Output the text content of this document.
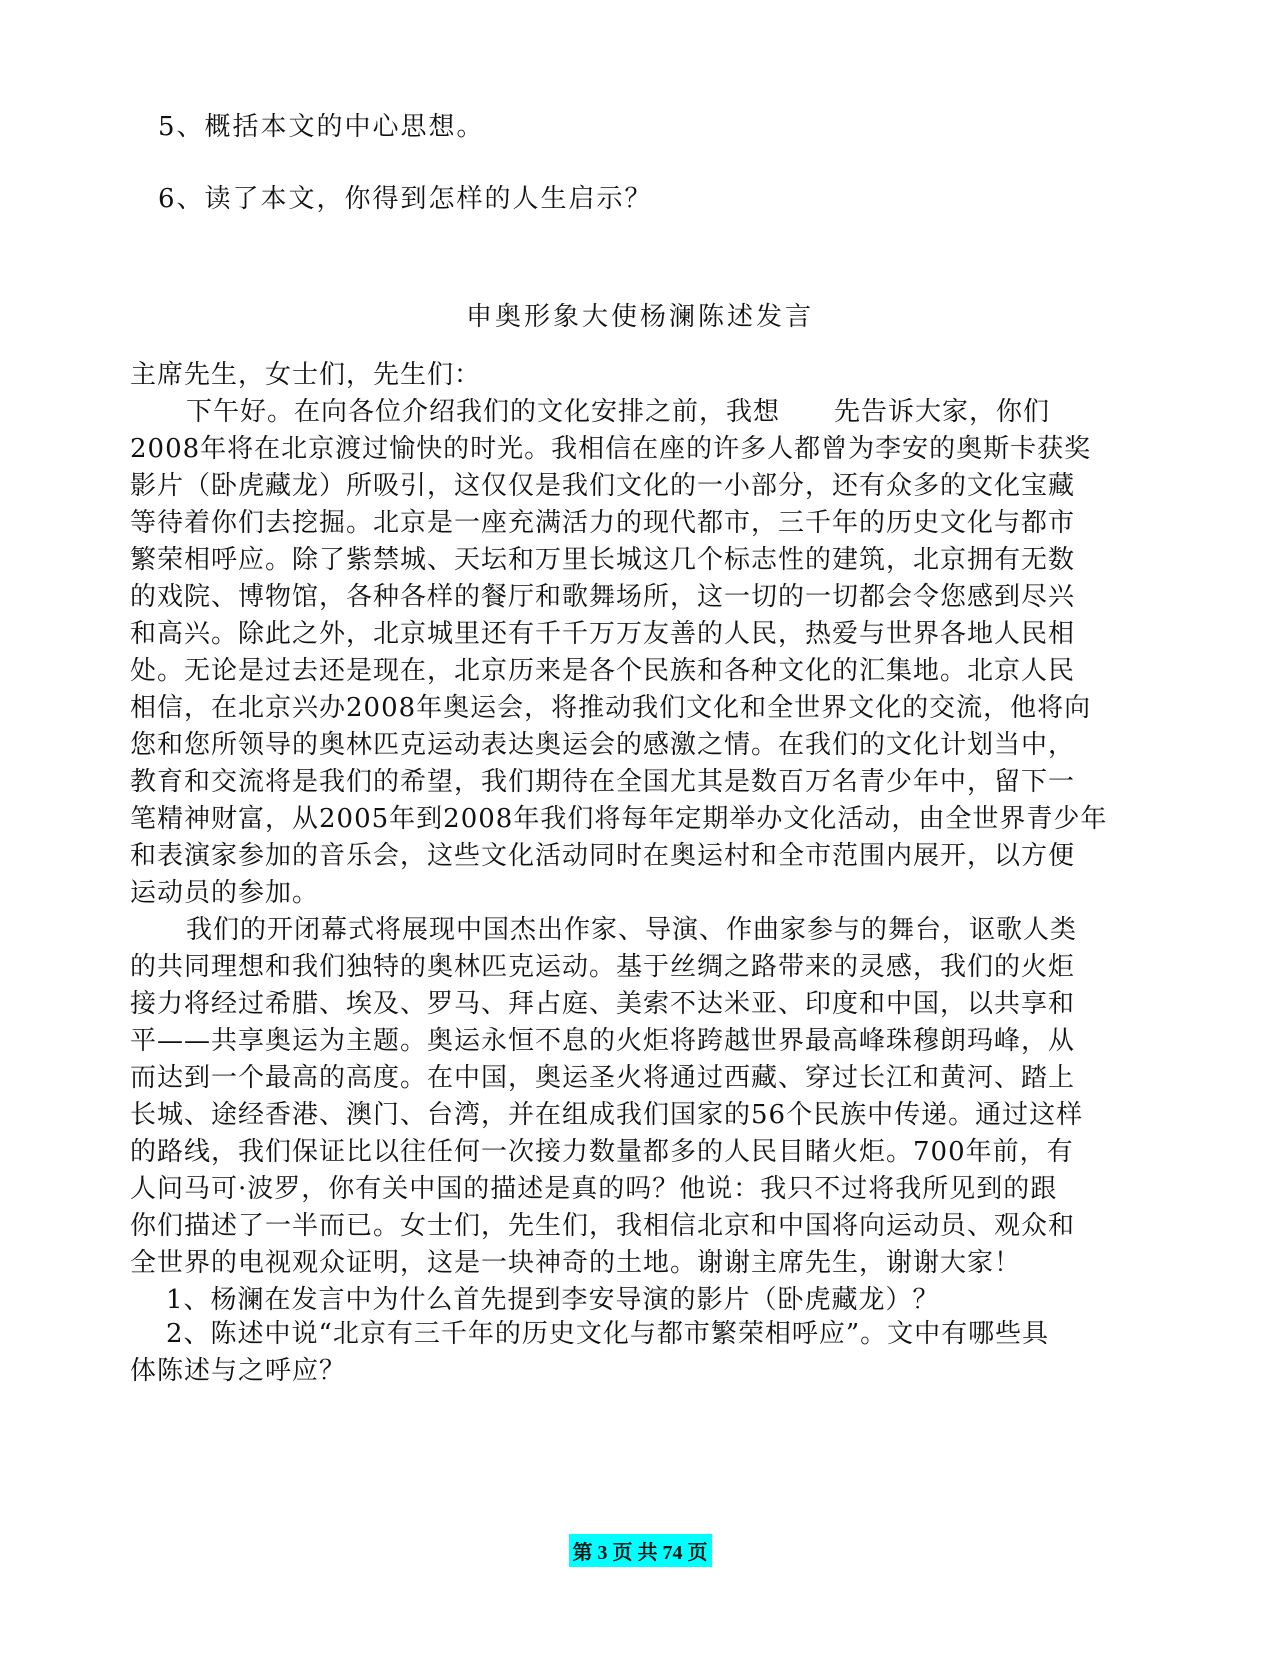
5、概括本文的中心思想。
6、读了本文，你得到怎样的人生启示？
申奥形象大使杨澜陈述发言
主席先生，女士们，先生们：
下午好。在向各位介绍我们的文化安排之前，我想　　先告诉大家，你们
2008年将在北京渡过愉快的时光。我相信在座的许多人都曾为李安的奥斯卡获奖
影片（卧虎藏龙）所吸引，这仅仅是我们文化的一小部分，还有众多的文化宝藏
等待着你们去挖掘。北京是一座充满活力的现代都市，三千年的历史文化与都市
繁荣相呼应。除了紫禁城、天坛和万里长城这几个标志性的建筑，北京拥有无数
的戏院、博物馆，各种各样的餐厅和歌舞场所，这一切的一切都会令您感到尽兴
和高兴。除此之外，北京城里还有千千万万友善的人民，热爱与世界各地人民相
处。无论是过去还是现在，北京历来是各个民族和各种文化的汇集地。北京人民
相信，在北京兴办2008年奥运会，将推动我们文化和全世界文化的交流，他将向
您和您所领导的奥林匹克运动表达奥运会的感激之情。在我们的文化计划当中，
教育和交流将是我们的希望，我们期待在全国尤其是数百万名青少年中，留下一
笔精神财富，从2005年到2008年我们将每年定期举办文化活动，由全世界青少年
和表演家参加的音乐会，这些文化活动同时在奥运村和全市范围内展开，以方便
运动员的参加。
我们的开闭幕式将展现中国杰出作家、导演、作曲家参与的舞台，讴歌人类
的共同理想和我们独特的奥林匹克运动。基于丝绸之路带来的灵感，我们的火炬
接力将经过希腊、埃及、罗马、拜占庭、美索不达米亚、印度和中国，以共享和
平——共享奥运为主题。奥运永恒不息的火炬将跨越世界最高峰珠穆朗玛峰，从
而达到一个最高的高度。在中国，奥运圣火将通过西藏、穿过长江和黄河、踏上
长城、途经香港、澳门、台湾，并在组成我们国家的56个民族中传递。通过这样
的路线，我们保证比以往任何一次接力数量都多的人民目睹火炬。700年前，有
人问马可·波罗，你有关中国的描述是真的吗？他说：我只不过将我所见到的跟
你们描述了一半而已。女士们，先生们，我相信北京和中国将向运动员、观众和
全世界的电视观众证明，这是一块神奇的土地。谢谢主席先生，谢谢大家！
1、杨澜在发言中为什么首先提到李安导演的影片（卧虎藏龙）？
2、陈述中说“北京有三千年的历史文化与都市繁荣相呼应”。文中有哪些具
体陈述与之呼应？
第 3 页 共 74 页
